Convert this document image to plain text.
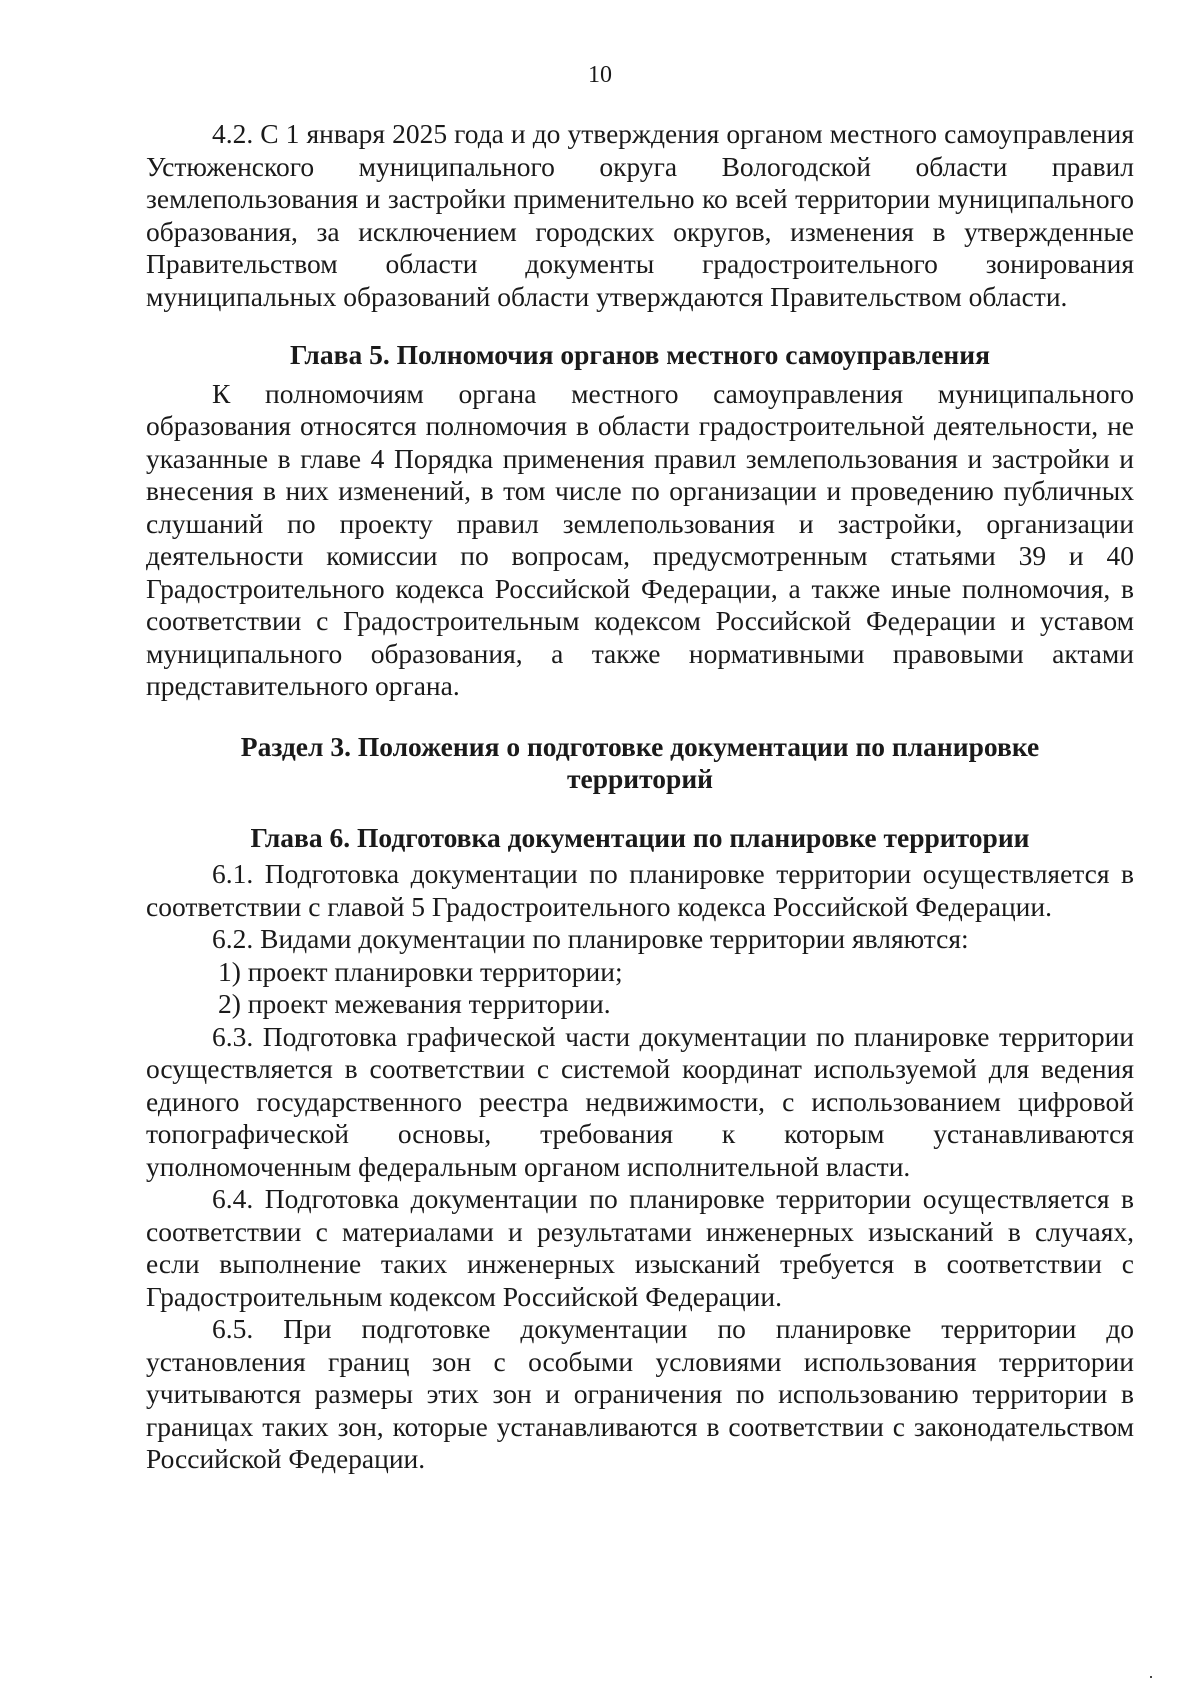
10

4.2. С 1 января 2025 года и до утверждения органом местного самоуправления Устюженского муниципального округа Вологодской области правил землепользования и застройки применительно ко всей территории муниципального образования, за исключением городских округов, изменения в утвержденные Правительством области документы градостроительного зонирования муниципальных образований области утверждаются Правительством области.

Глава 5. Полномочия органов местного самоуправления

К полномочиям органа местного самоуправления муниципального образования относятся полномочия в области градостроительной деятельности, не указанные в главе 4 Порядка применения правил землепользования и застройки и внесения в них изменений, в том числе по организации и проведению публичных слушаний по проекту правил землепользования и застройки, организации деятельности комиссии по вопросам, предусмотренным статьями 39 и 40 Градостроительного кодекса Российской Федерации, а также иные полномочия, в соответствии с Градостроительным кодексом Российской Федерации и уставом муниципального образования, а также нормативными правовыми актами представительного органа.

Раздел 3. Положения о подготовке документации по планировке
территорий

Глава 6. Подготовка документации по планировке территории

6.1. Подготовка документации по планировке территории осуществляется в соответствии с главой 5 Градостроительного кодекса Российской Федерации.

6.2. Видами документации по планировке территории являются:

1) проект планировки территории;

2) проект межевания территории.

6.3. Подготовка графической части документации по планировке территории осуществляется в соответствии с системой координат используемой для ведения единого государственного реестра недвижимости, с использованием цифровой топографической основы, требования к которым устанавливаются уполномоченным федеральным органом исполнительной власти.

6.4. Подготовка документации по планировке территории осуществляется в соответствии с материалами и результатами инженерных изысканий в случаях, если выполнение таких инженерных изысканий требуется в соответствии с Градостроительным кодексом Российской Федерации.

6.5. При подготовке документации по планировке территории до установления границ зон с особыми условиями использования территории учитываются размеры этих зон и ограничения по использованию территории в границах таких зон, которые устанавливаются в соответствии с законодательством Российской Федерации.
